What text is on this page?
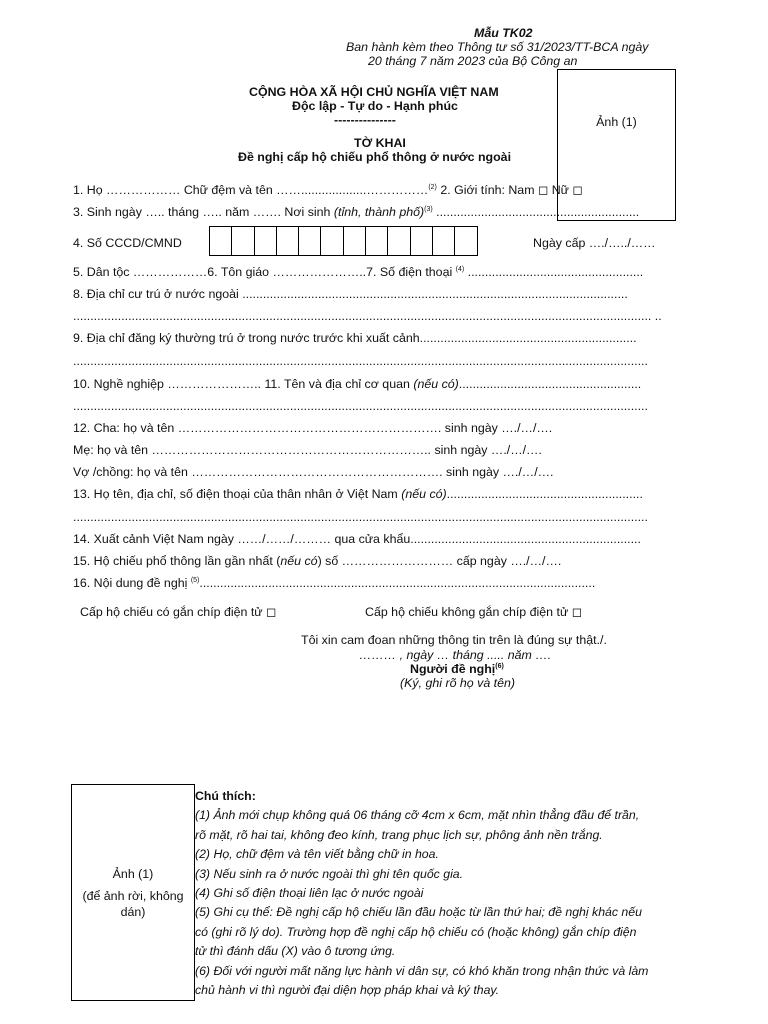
Mẫu TK02
Ban hành kèm theo Thông tư số 31/2023/TT-BCA ngày
20 tháng 7 năm 2023 của Bộ Công an
CỘNG HÒA XÃ HỘI CHỦ NGHĨA VIỆT NAM
Độc lập - Tự do - Hạnh phúc
---------------
TỜ KHAI
Đề nghị cấp hộ chiếu phổ thông ở nước ngoài
Ảnh (1)
1. Họ ……………… Chữ đệm và tên ……...................……………$^{(2)}$ 2. Giới tính: Nam ◻ Nữ ◻
3. Sinh ngày ….. tháng ….. năm ……. Nơi sinh (tỉnh, thành phố)$^{(3)}$ ...........................................................
4. Số CCCD/CMND	Ngày cấp …./…../……
5. Dân tộc ………………6. Tôn giáo …………………..7. Số điện thoại $^{(4)}$ ...................................................
8. Địa chỉ cư trú ở nước ngoài ................................................................................................................
........................................................................................................................................................................ ..
9. Địa chỉ đăng ký thường trú ở trong nước trước khi xuất cảnh...............................................................
.......................................................................................................................................................................
10. Nghề nghiệp ………………….. 11. Tên và địa chỉ cơ quan (nếu có).....................................................
.......................................................................................................................................................................
12. Cha: họ và tên ………………………………………………………. sinh ngày …./…/….
Mẹ: họ và tên ………………………………………………………….. sinh ngày …./…/….
Vợ /chồng: họ và tên ……………………………………………………. sinh ngày …./…/….
13. Họ tên, địa chỉ, số điện thoại của thân nhân ở Việt Nam (nếu có).........................................................
.......................................................................................................................................................................
14. Xuất cảnh Việt Nam ngày ……/……/……… qua cửa khẩu...................................................................
15. Hộ chiếu phổ thông lần gần nhất (nếu có) số ……………………… cấp ngày …./…/….
16. Nội dung đề nghị $^{(5)}$...................................................................................................................
Cấp hộ chiếu có gắn chíp điện tử ◻	Cấp hộ chiếu không gắn chíp điện tử ◻
Tôi xin cam đoan những thông tin trên là đúng sự thật./.
……… , ngày … tháng ..... năm ….
Người đề nghị$^{(6)}$
(Ký, ghi rõ họ và tên)
Ảnh (1)
(để ảnh rời, không dán)
Chú thích:
(1) Ảnh mới chụp không quá 06 tháng cỡ 4cm x 6cm, mặt nhìn thẳng đầu để trần,
rõ mặt, rõ hai tai, không đeo kính, trang phục lịch sự, phông ảnh nền trắng.
(2) Họ, chữ đệm và tên viết bằng chữ in hoa.
(3) Nếu sinh ra ở nước ngoài thì ghi tên quốc gia.
(4) Ghi số điện thoại liên lạc ở nước ngoài
(5) Ghi cụ thể: Đề nghị cấp hộ chiếu lần đầu hoặc từ lần thứ hai; đề nghị khác nếu
có (ghi rõ lý do). Trường hợp đề nghị cấp hộ chiếu có (hoặc không) gắn chíp điện
tử thì đánh dấu (X) vào ô tương ứng.
(6) Đối với người mất năng lực hành vi dân sự, có khó khăn trong nhận thức và làm
chủ hành vi thì người đại diện hợp pháp khai và ký thay.
